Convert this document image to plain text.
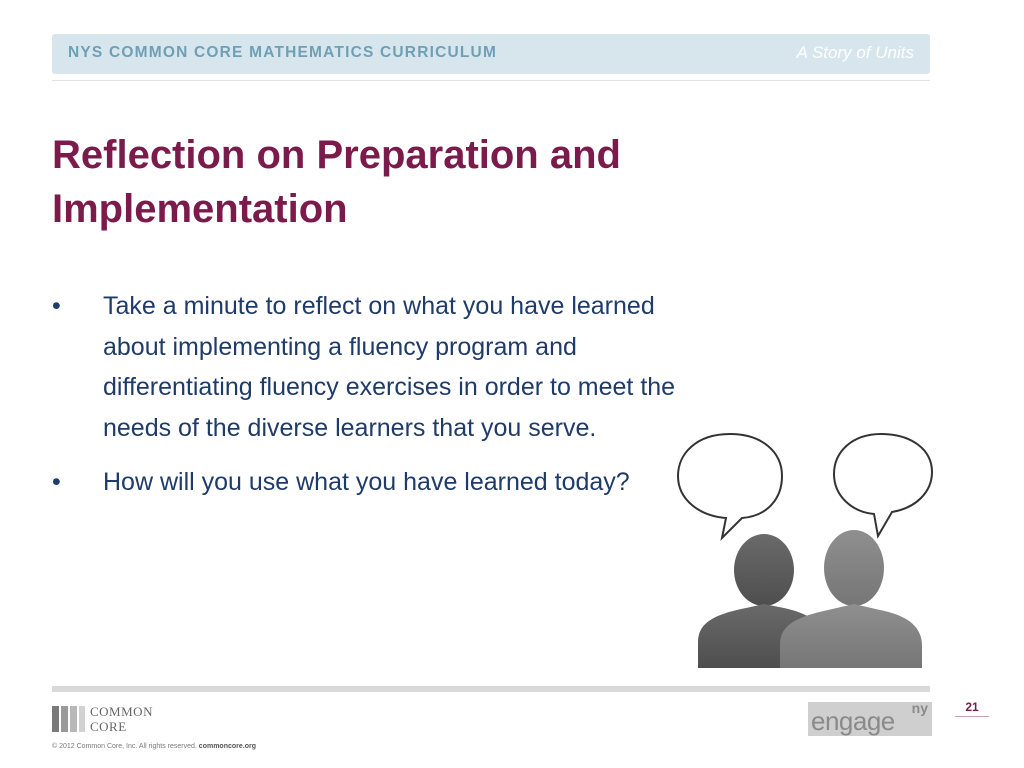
NYS COMMON CORE MATHEMATICS CURRICULUM	A Story of Units
Reflection on Preparation and Implementation
• Take a minute to reflect on what you have learned about implementing a fluency program and differentiating fluency exercises in order to meet the needs of the diverse learners that you serve.
• How will you use what you have learned today?
COMMON
CORE
© 2012 Common Core, Inc. All rights reserved. commoncore.org
engage ny	21
